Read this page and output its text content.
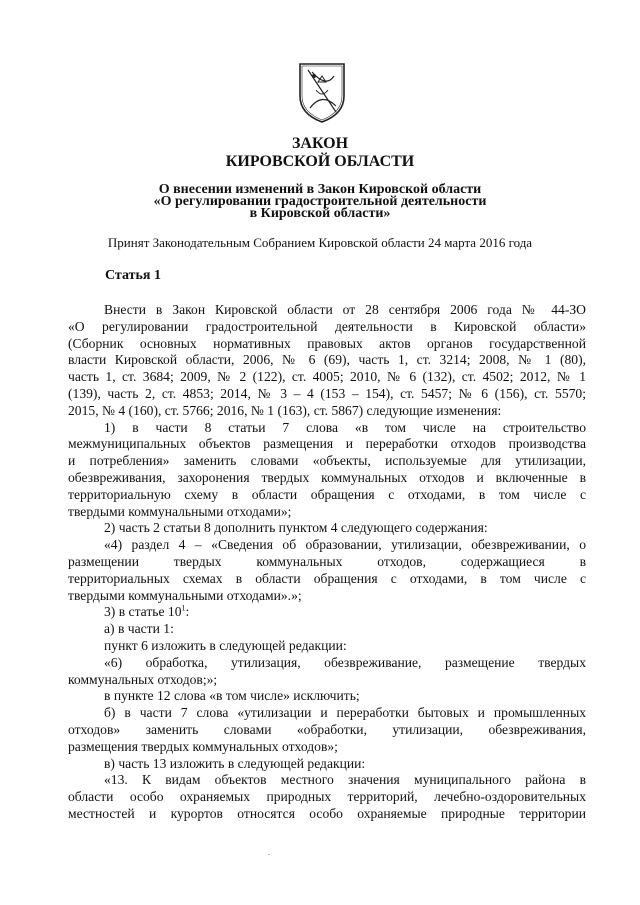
ЗАКОН
КИРОВСКОЙ ОБЛАСТИ
О внесении изменений в Закон Кировской области
«О регулировании градостроительной деятельности
в Кировской области»
Принят Законодательным Собранием Кировской области 24 марта 2016 года
Статья 1
Внести в Закон Кировской области от 28 сентября 2006 года № 44-ЗО
«О регулировании градостроительной деятельности в Кировской области»
(Сборник основных нормативных правовых актов органов государственной
власти Кировской области, 2006, № 6 (69), часть 1, ст. 3214; 2008, № 1 (80),
часть 1, ст. 3684; 2009, № 2 (122), ст. 4005; 2010, № 6 (132), ст. 4502; 2012, № 1
(139), часть 2, ст. 4853; 2014, № 3 – 4 (153 – 154), ст. 5457; № 6 (156), ст. 5570;
2015, № 4 (160), ст. 5766; 2016, № 1 (163), ст. 5867) следующие изменения:
1) в части 8 статьи 7 слова «в том числе на строительство
межмуниципальных объектов размещения и переработки отходов производства
и потребления» заменить словами «объекты, используемые для утилизации,
обезвреживания, захоронения твердых коммунальных отходов и включенные в
территориальную схему в области обращения с отходами, в том числе с
твердыми коммунальными отходами»;
2) часть 2 статьи 8 дополнить пунктом 4 следующего содержания:
«4) раздел 4 – «Сведения об образовании, утилизации, обезвреживании, о
размещении твердых коммунальных отходов, содержащиеся в
территориальных схемах в области обращения с отходами, в том числе с
твердыми коммунальными отходами».»;
3) в статье $10^1$:
а) в части 1:
пункт 6 изложить в следующей редакции:
«6) обработка, утилизация, обезвреживание, размещение твердых
коммунальных отходов;»;
в пункте 12 слова «в том числе» исключить;
б) в части 7 слова «утилизации и переработки бытовых и промышленных
отходов» заменить словами «обработки, утилизации, обезвреживания,
размещения твердых коммунальных отходов»;
в) часть 13 изложить в следующей редакции:
«13. К видам объектов местного значения муниципального района в
области особо охраняемых природных территорий, лечебно-оздоровительных
местностей и курортов относятся особо охраняемые природные территории
